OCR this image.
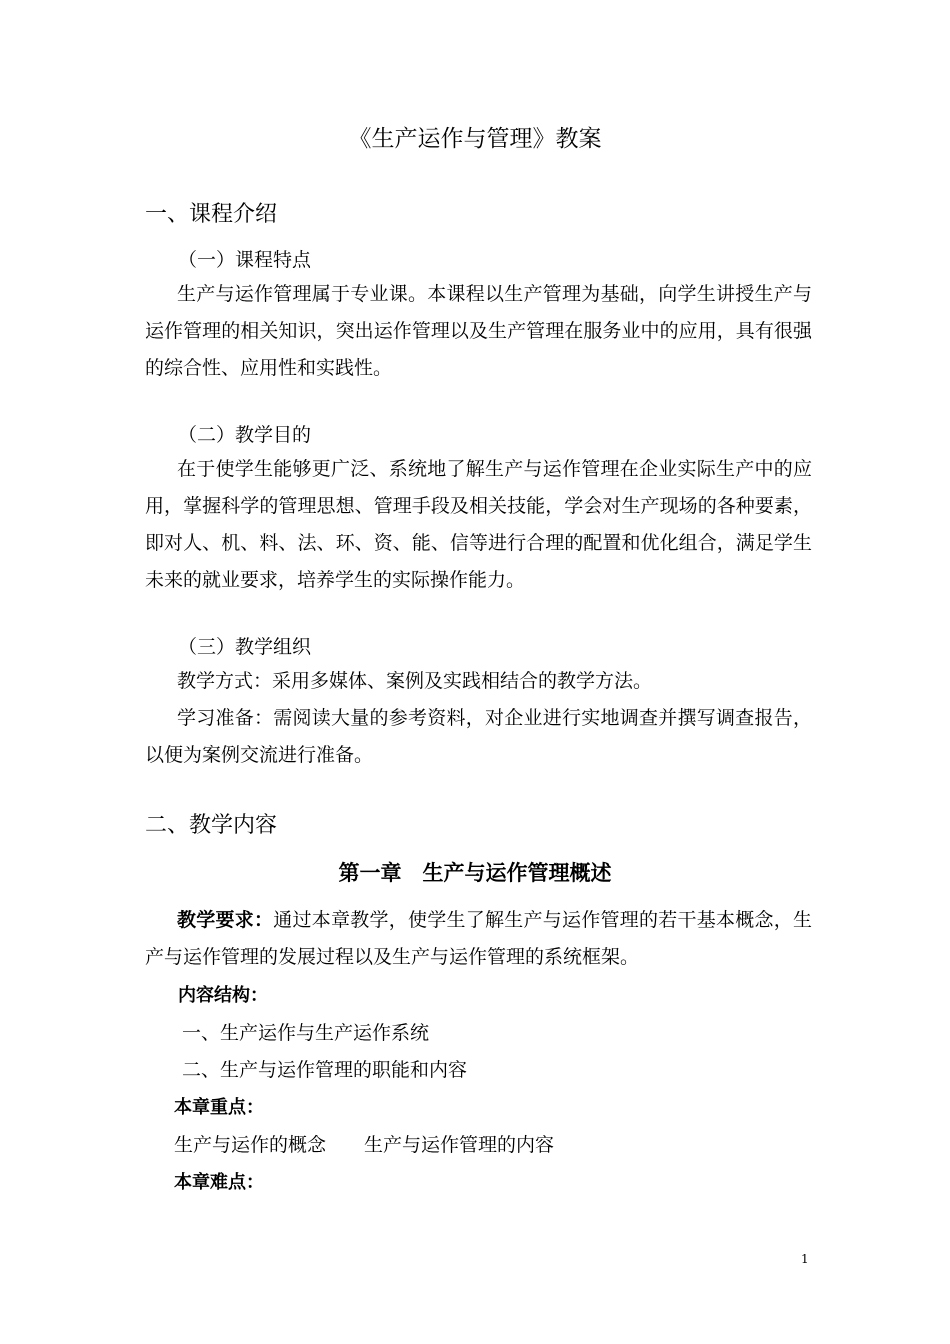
《生产运作与管理》教案
一、课程介绍
（一）课程特点
生产与运作管理属于专业课。本课程以生产管理为基础，向学生讲授生产与运作管理的相关知识，突出运作管理以及生产管理在服务业中的应用，具有很强的综合性、应用性和实践性。
（二）教学目的
在于使学生能够更广泛、系统地了解生产与运作管理在企业实际生产中的应用，掌握科学的管理思想、管理手段及相关技能，学会对生产现场的各种要素，即对人、机、料、法、环、资、能、信等进行合理的配置和优化组合，满足学生未来的就业要求，培养学生的实际操作能力。
（三）教学组织
教学方式：采用多媒体、案例及实践相结合的教学方法。
学习准备：需阅读大量的参考资料，对企业进行实地调查并撰写调查报告，以便为案例交流进行准备。
二、教学内容
第一章　生产与运作管理概述
教学要求：通过本章教学，使学生了解生产与运作管理的若干基本概念，生产与运作管理的发展过程以及生产与运作管理的系统框架。
内容结构：
一、生产运作与生产运作系统
二、生产与运作管理的职能和内容
本章重点：
生产与运作的概念 生产与运作管理的内容
本章难点：
1
